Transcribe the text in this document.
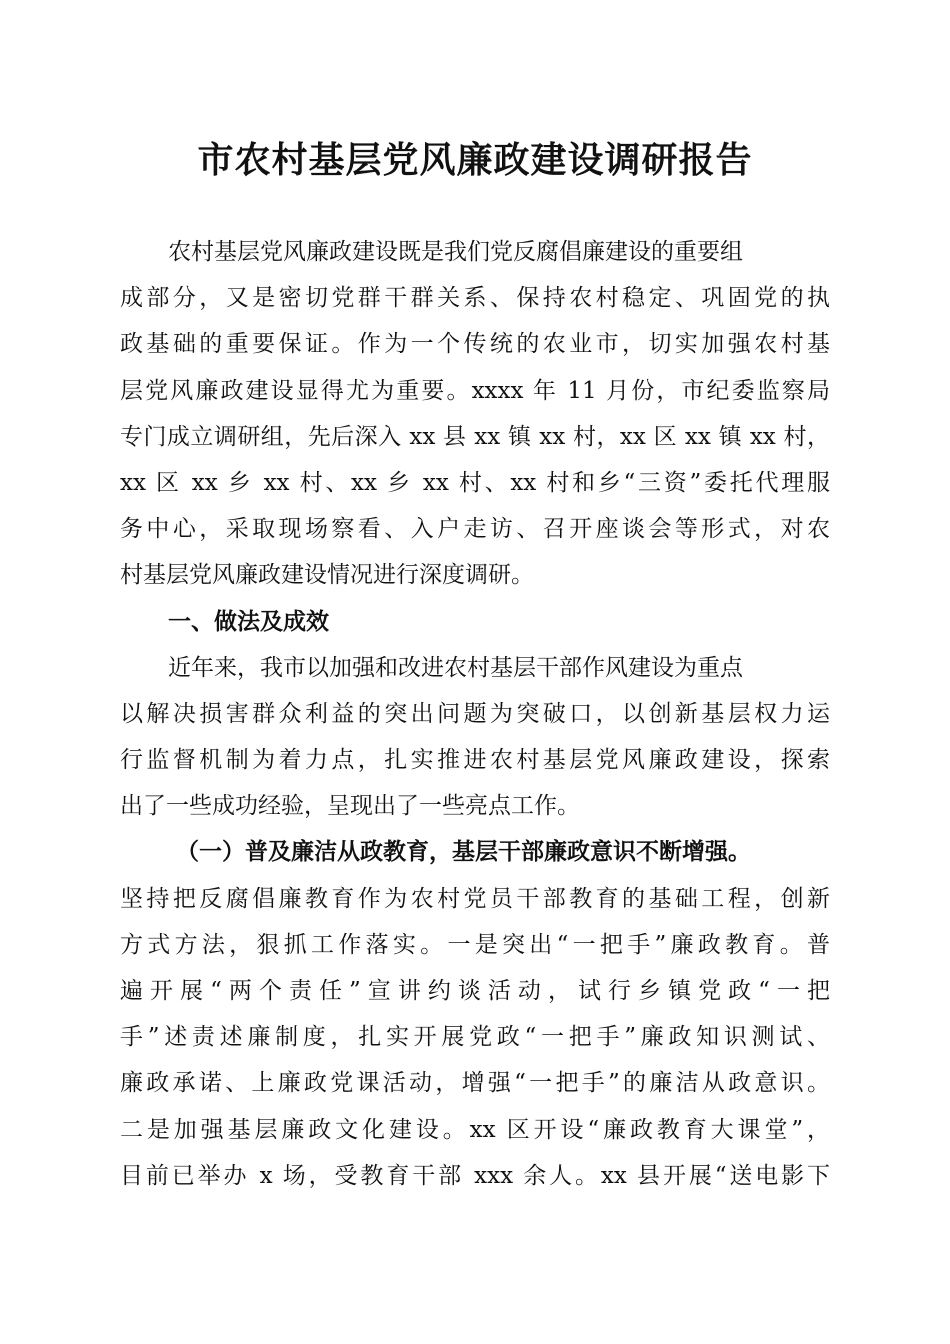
市农村基层党风廉政建设调研报告
农村基层党风廉政建设既是我们党反腐倡廉建设的重要组
成部分，又是密切党群干群关系、保持农村稳定、巩固党的执
政基础的重要保证。作为一个传统的农业市，切实加强农村基
层党风廉政建设显得尤为重要。xxxx 年 11 月份，市纪委监察局
专门成立调研组，先后深入 xx 县 xx 镇 xx 村，xx 区 xx 镇 xx 村，
xx 区 xx 乡 xx 村、xx 乡 xx 村、xx 村和乡“三资”委托代理服
务中心，采取现场察看、入户走访、召开座谈会等形式，对农
村基层党风廉政建设情况进行深度调研。
一、做法及成效
近年来，我市以加强和改进农村基层干部作风建设为重点
以解决损害群众利益的突出问题为突破口，以创新基层权力运
行监督机制为着力点，扎实推进农村基层党风廉政建设，探索
出了一些成功经验，呈现出了一些亮点工作。
（一）普及廉洁从政教育，基层干部廉政意识不断增强。
坚持把反腐倡廉教育作为农村党员干部教育的基础工程，创新
方式方法，狠抓工作落实。一是突出“一把手”廉政教育。普
遍开展“两个责任”宣讲约谈活动，试行乡镇党政“一把
手”述责述廉制度，扎实开展党政“一把手”廉政知识测试、
廉政承诺、上廉政党课活动，增强“一把手”的廉洁从政意识。
二是加强基层廉政文化建设。xx 区开设“廉政教育大课堂”，
目前已举办 x 场，受教育干部 xxx 余人。xx 县开展“送电影下
